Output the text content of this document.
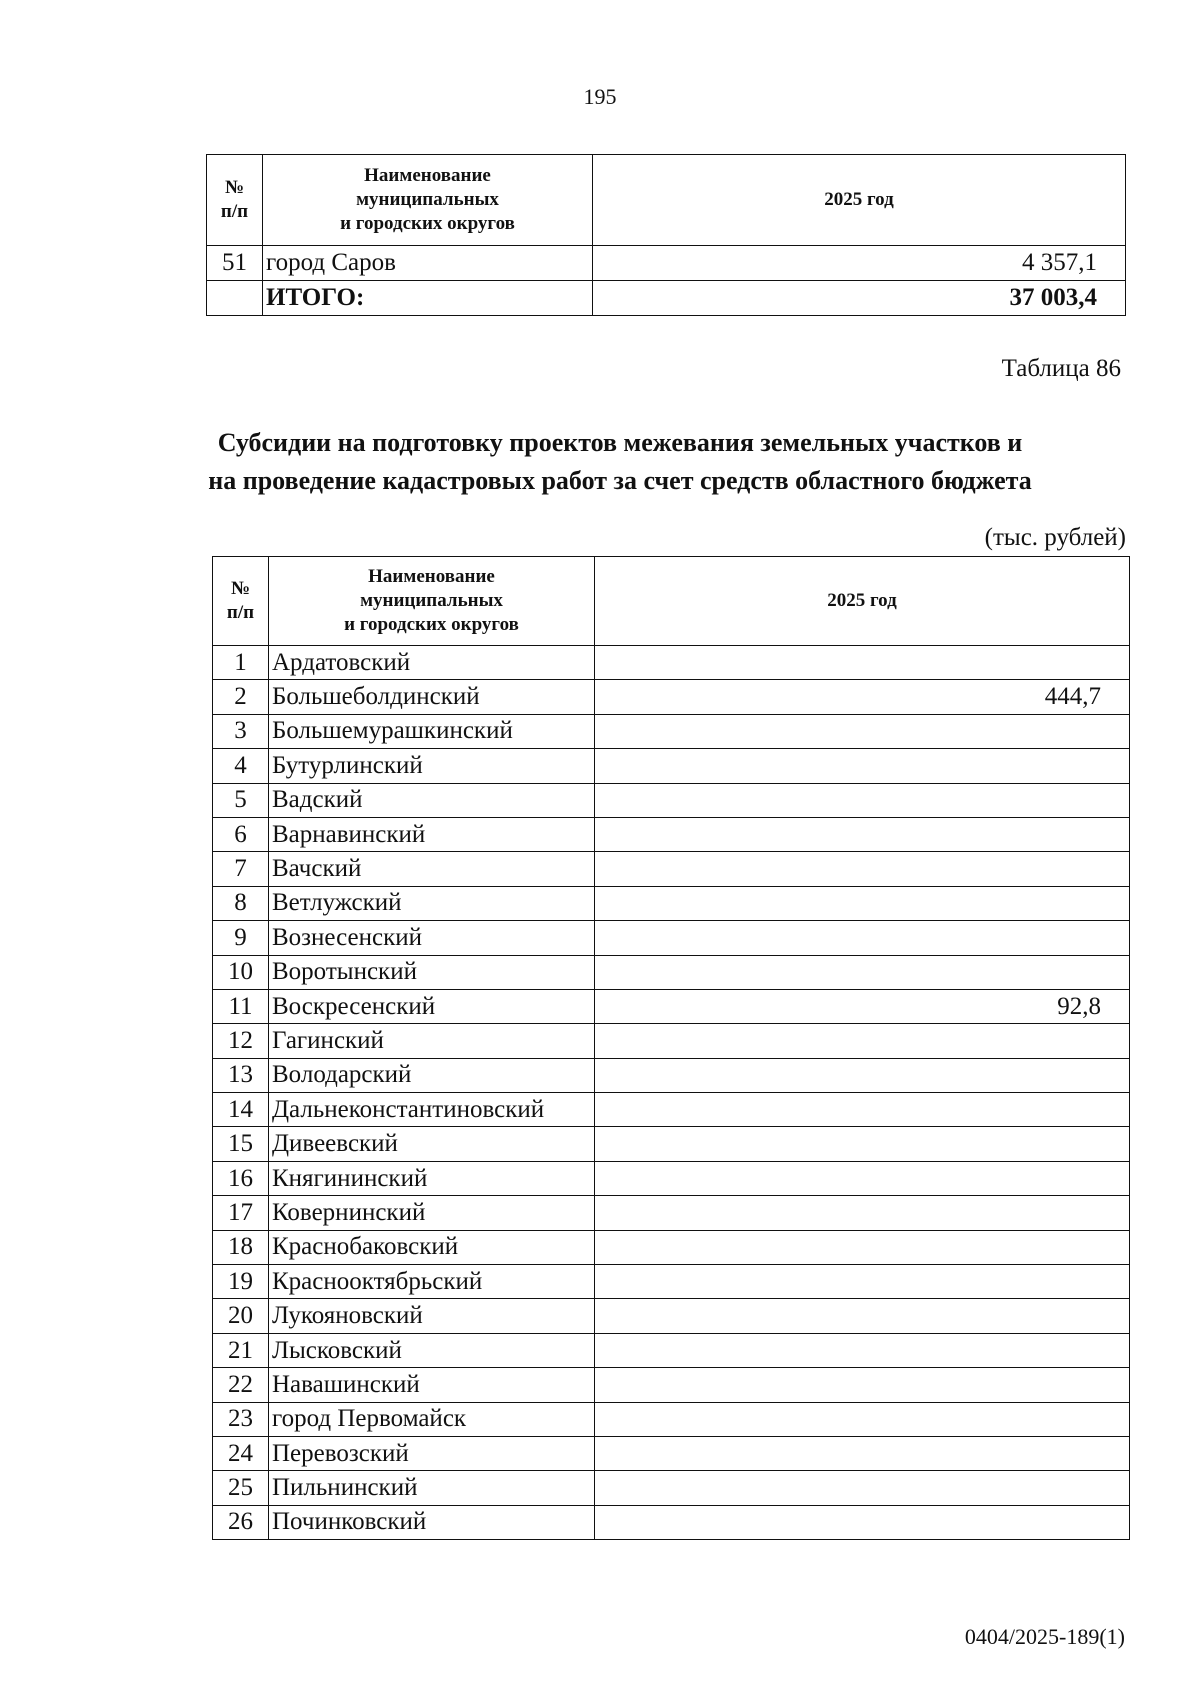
195
№
п/п	Наименование
муниципальных
и городских округов	2025 год
51	город Саров	4 357,1
	ИТОГО:	37 003,4
Таблица 86
Субсидии на подготовку проектов межевания земельных участков и
на проведение кадастровых работ за счет средств областного бюджета
(тыс. рублей)
№
п/п	Наименование
муниципальных
и городских округов	2025 год
1	Ардатовский	
2	Большеболдинский	444,7
3	Большемурашкинский	
4	Бутурлинский	
5	Вадский	
6	Варнавинский	
7	Вачский	
8	Ветлужский	
9	Вознесенский	
10	Воротынский	
11	Воскресенский	92,8
12	Гагинский	
13	Володарский	
14	Дальнеконстантиновский	
15	Дивеевский	
16	Княгининский	
17	Ковернинский	
18	Краснобаковский	
19	Краснооктябрьский	
20	Лукояновский	
21	Лысковский	
22	Навашинский	
23	город Первомайск	
24	Перевозский	
25	Пильнинский	
26	Починковский	
0404/2025-189(1)
